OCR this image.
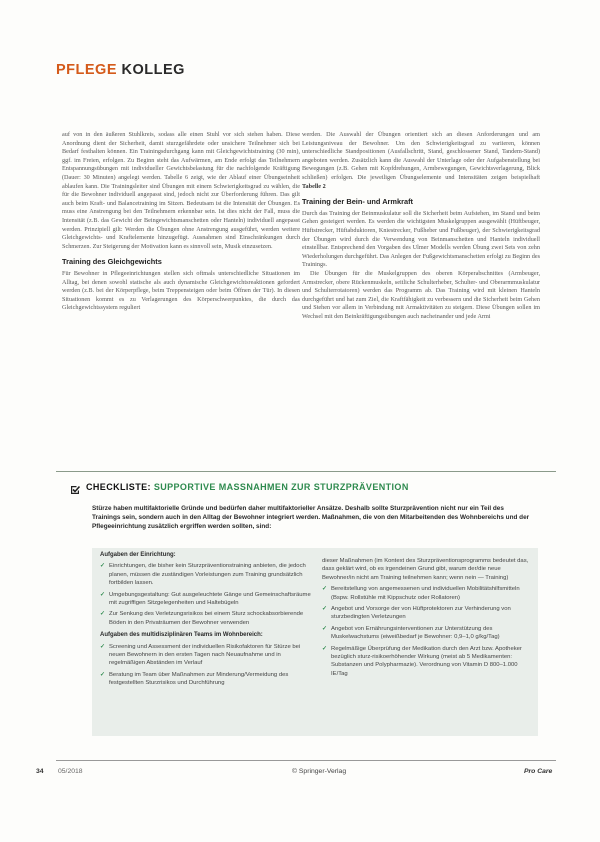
PFLEGE KOLLEG

auf von in den äußeren Stuhlkreis, sodass alle einen Stuhl vor sich stehen haben. Diese Anordnung dient der Sicherheit, damit sturzgefährdete oder unsichere Teilnehmer sich bei Bedarf festhalten können. Ein Trainingsdurchgang kann mit Gleichgewichtstraining (30 min), ggf. im Freien, erfolgen. Zu Beginn steht das Aufwärmen, am Ende erfolgt das Teilnehmern Entspannungsübungen mit individueller Gewichtsbelastung für die nachfolgende Kräftigung (Dauer: 30 Minuten) angelegt werden. Tabelle 6 zeigt, wie der Ablauf einer Übungseinheit ablaufen kann. Die Trainingsleiter sind Übungen mit einem Schwierigkeitsgrad zu wählen, die für die Bewohner individuell angepasst sind, jedoch nicht zur Überforderung führen. Das gilt auch beim Kraft- und Balancetraining im Sitzen. Bedeutsam ist die Intensität der Übungen. Es muss eine Anstrengung bei den Teilnehmern erkennbar sein. Ist dies nicht der Fall, muss die Intensität (z.B. das Gewicht der Beingewichtsmanschetten oder Hanteln) individuell angepasst werden. Prinzipiell gilt: Werden die Übungen ohne Anstrengung ausgeführt, werden weitere Gleichgewichts- und Kraftelemente hinzugefügt. Ausnahmen sind Einschränkungen durch Schmerzen. Zur Steigerung der Motivation kann es sinnvoll sein, Musik einzusetzen.

Training des Gleichgewichts

Für Bewohner in Pflegeeinrichtungen stellen sich oftmals unterschiedliche Situationen im Alltag, bei denen sowohl statische als auch dynamische Gleichgewichtsreaktionen gefordert werden (z.B. bei der Körperpflege, beim Treppensteigen oder beim Öffnen der Tür). In diesen Situationen kommt es zu Verlagerungen des Körperschwerpunktes, die durch das Gleichgewichtssystem reguliert

werden. Die Auswahl der Übungen orientiert sich an diesen Anforderungen und am Leistungsniveau der Bewohner. Um den Schwierigkeitsgrad zu variieren, können unterschiedliche Standpositionen (Ausfallschritt, Stand, geschlossener Stand, Tandem-Stand) angeboten werden. Zusätzlich kann die Auswahl der Unterlage oder der Aufgabenstellung bei Bewegungen (z.B. Gehen mit Kopfdrehungen, Armbewegungen, Gewichtsverlagerung, Blick schließen) erfolgen. Die jeweiligen Übungselemente und Intensitäten zeigen beispielhaft Tabelle 2

Training der Bein- und Armkraft

Durch das Training der Beinmuskulatur soll die Sicherheit beim Aufstehen, im Stand und beim Gehen gesteigert werden. Es werden die wichtigsten Muskelgruppen ausgewählt (Hüftbeuger, Hüftstrecker, Hüftabduktoren, Kniestrecker, Fußheber und Fußbeuger), der Schwierigkeitsgrad der Übungen wird durch die Verwendung von Beinmanschetten und Hanteln individuell einstellbar. Entsprechend den Vorgaben des Ulmer Modells werden Übung zwei Sets von zehn Wiederholungen durchgeführt. Das Anlegen der Fußgewichtsmanschetten erfolgt zu Beginn des Trainings.

Die Übungen für die Muskelgruppen des oberen Körperabschnittes (Armbeuger, Armstrecker, obere Rückenmuskeln, seitliche Schulterheber, Schulter- und Oberarmmuskulatur und Schulterrotatoren) werden das Programm ab. Das Training wird mit kleinen Hanteln durchgeführt und hat zum Ziel, die Kraftfähigkeit zu verbessern und die Sicherheit beim Gehen und Stehen vor allem in Verbindung mit Armaktivitäten zu steigern. Diese Übungen sollen im Wechsel mit den Beinkräftigungsübungen auch nacheinander und jede Armi

CHECKLISTE: SUPPORTIVE MASSNAHMEN ZUR STURZPRÄVENTION
Stürze haben multifaktorielle Gründe und bedürfen daher multifaktorieller Ansätze. Deshalb sollte Sturzprävention nicht nur ein Teil des Trainings sein, sondern auch in den Alltag der Bewohner integriert werden. Maßnahmen, die von den Mitarbeitenden des Wohnbereichs und der Pflegeeinrichtung zusätzlich ergriffen werden sollten, sind:

Aufgaben der Einrichtung:

✓ Einrichtungen, die bisher kein Sturzpräventionstraining anbieten, die jedoch planen, müssen die zuständigen Vorleistungen zum Training grundsätzlich fortbilden lassen.
✓ Umgebungsgestaltung: Gut ausgeleuchtete Gänge und Gemeinschaftsräume mit zugriffigen Sitzgelegenheiten und Haltebügeln
✓ Zur Senkung des Verletzungsrisikos bei einem Sturz schockabsorbierende Böden in den Privaträumen der Bewohner verwenden

Aufgaben des multidisziplinären Teams im Wohnbereich:

✓ Screening und Assessment der individuellen Risikofaktoren für Stürze bei neuen Bewohnern in den ersten Tagen nach Neuaufnahme und in regelmäßigen Abständen im Verlauf
✓ Beratung im Team über Maßnahmen zur Minderung/Vermeidung des festgestellten Sturzrisikos und Durchführung

dieser Maßnahmen (im Kontext des Sturzpräventionsprogramms bedeutet das, dass geklärt wird, ob es irgendeinen Grund gibt, warum der/die neue Bewohner/in nicht am Training teilnehmen kann; wenn nein — Training)

✓ Bereitstellung von angemessenen und individuellen Mobilitätshilfsmitteln (Bspw. Rollstühle mit Kippschutz oder Rollatoren)
✓ Angebot und Vorsorge der von Hüftprotektoren zur Verhinderung von sturzbedingten Verletzungen
✓ Angebot von Ernährungsinterventionen zur Unterstützung des Muskelwachstums (eiweißbedarf je Bewohner: 0,9–1,0 g/kg/Tag)
✓ Regelmäßige Überprüfung der Medikation durch den Arzt bzw. Apotheker bezüglich sturz-risikoerhöhender Wirkung (meist ab 5 Medikamenten: Substanzen und Polypharmazie). Verordnung von Vitamin D 800–1.000 IE/Tag
34 05/2018	© Springer-Verlag	Pro Care
